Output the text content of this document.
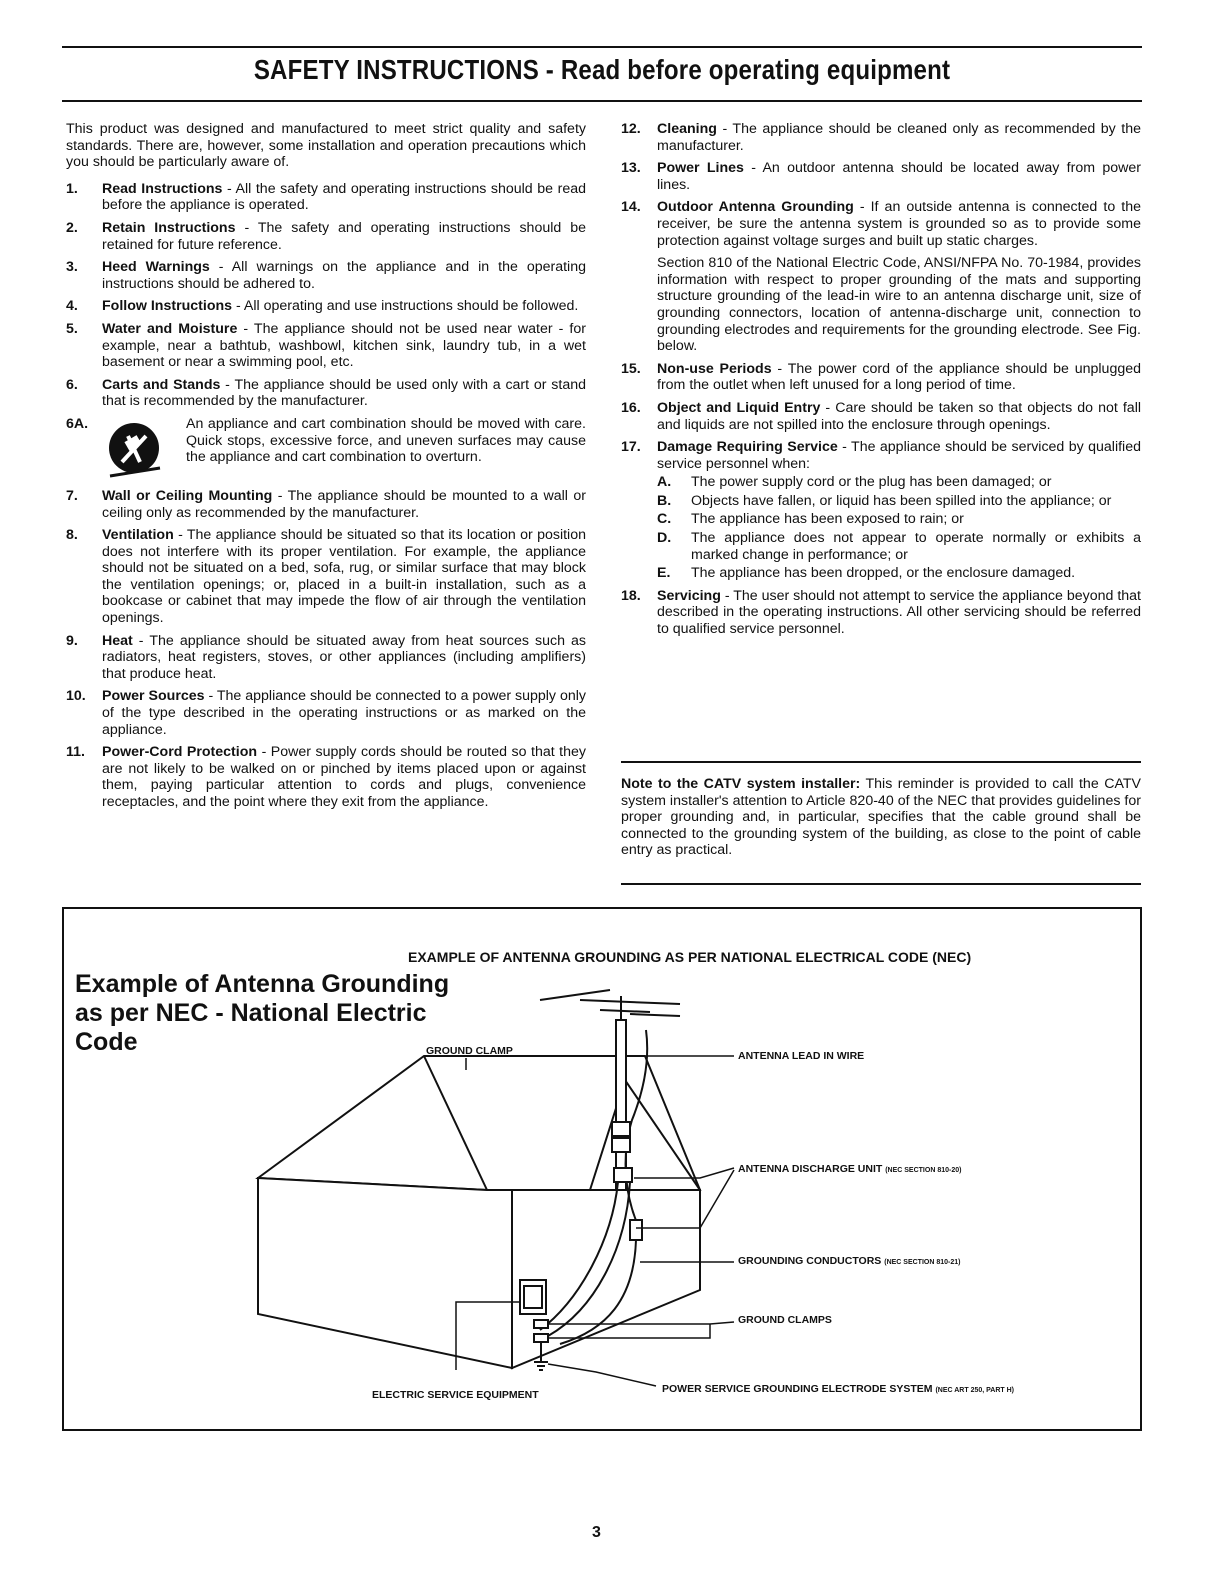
SAFETY INSTRUCTIONS - Read before operating equipment

This product was designed and manufactured to meet strict quality and safety standards. There are, however, some installation and operation precautions which you should be particularly aware of.

1. Read Instructions - All the safety and operating instructions should be read before the appliance is operated.
2. Retain Instructions - The safety and operating instructions should be retained for future reference.
3. Heed Warnings - All warnings on the appliance and in the operating instructions should be adhered to.
4. Follow Instructions - All operating and use instructions should be followed.
5. Water and Moisture - The appliance should not be used near water - for example, near a bathtub, washbowl, kitchen sink, laundry tub, in a wet basement or near a swimming pool, etc.
6. Carts and Stands - The appliance should be used only with a cart or stand that is recommended by the manufacturer.
6A.	An appliance and cart combination should be moved with care. Quick stops, excessive force, and uneven surfaces may cause the appliance and cart combination to overturn.
7. Wall or Ceiling Mounting - The appliance should be mounted to a wall or ceiling only as recommended by the manufacturer.
8. Ventilation - The appliance should be situated so that its location or position does not interfere with its proper ventilation. For example, the appliance should not be situated on a bed, sofa, rug, or similar surface that may block the ventilation openings; or, placed in a built-in installation, such as a bookcase or cabinet that may impede the flow of air through the ventilation openings.
9. Heat - The appliance should be situated away from heat sources such as radiators, heat registers, stoves, or other appliances (including amplifiers) that produce heat.
10. Power Sources - The appliance should be connected to a power supply only of the type described in the operating instructions or as marked on the appliance.
11. Power-Cord Protection - Power supply cords should be routed so that they are not likely to be walked on or pinched by items placed upon or against them, paying particular attention to cords and plugs, convenience receptacles, and the point where they exit from the appliance.
12. Cleaning - The appliance should be cleaned only as recommended by the manufacturer.
13. Power Lines - An outdoor antenna should be located away from power lines.
14. Outdoor Antenna Grounding - If an outside antenna is connected to the receiver, be sure the antenna system is grounded so as to provide some protection against voltage surges and built up static charges.
Section 810 of the National Electric Code, ANSI/NFPA No. 70-1984, provides information with respect to proper grounding of the mats and supporting structure grounding of the lead-in wire to an antenna discharge unit, size of grounding connectors, location of antenna-discharge unit, connection to grounding electrodes and requirements for the grounding electrode. See Fig. below.
15. Non-use Periods - The power cord of the appliance should be unplugged from the outlet when left unused for a long period of time.
16. Object and Liquid Entry - Care should be taken so that objects do not fall and liquids are not spilled into the enclosure through openings.
17. Damage Requiring Service - The appliance should be serviced by qualified service personnel when:
A. The power supply cord or the plug has been damaged; or
B. Objects have fallen, or liquid has been spilled into the appliance; or
C. The appliance has been exposed to rain; or
D. The appliance does not appear to operate normally or exhibits a marked change in performance; or
E. The appliance has been dropped, or the enclosure damaged.
18. Servicing - The user should not attempt to service the appliance beyond that described in the operating instructions. All other servicing should be referred to qualified service personnel.
Note to the CATV system installer: This reminder is provided to call the CATV system installer's attention to Article 820-40 of the NEC that provides guidelines for proper grounding and, in particular, specifies that the cable ground shall be connected to the grounding system of the building, as close to the point of cable entry as practical.
EXAMPLE OF ANTENNA GROUNDING AS PER NATIONAL ELECTRICAL CODE (NEC)
Example of Antenna Grounding
as per NEC - National Electric Code	GROUND CLAMP	ANTENNA LEAD IN WIRE
ANTENNA DISCHARGE UNIT (NEC SECTION 810-20)
GROUNDING CONDUCTORS (NEC SECTION 810-21)
GROUND CLAMPS
ELECTRIC SERVICE EQUIPMENT	POWER SERVICE GROUNDING ELECTRODE SYSTEM (NEC ART 250, PART H)
3
